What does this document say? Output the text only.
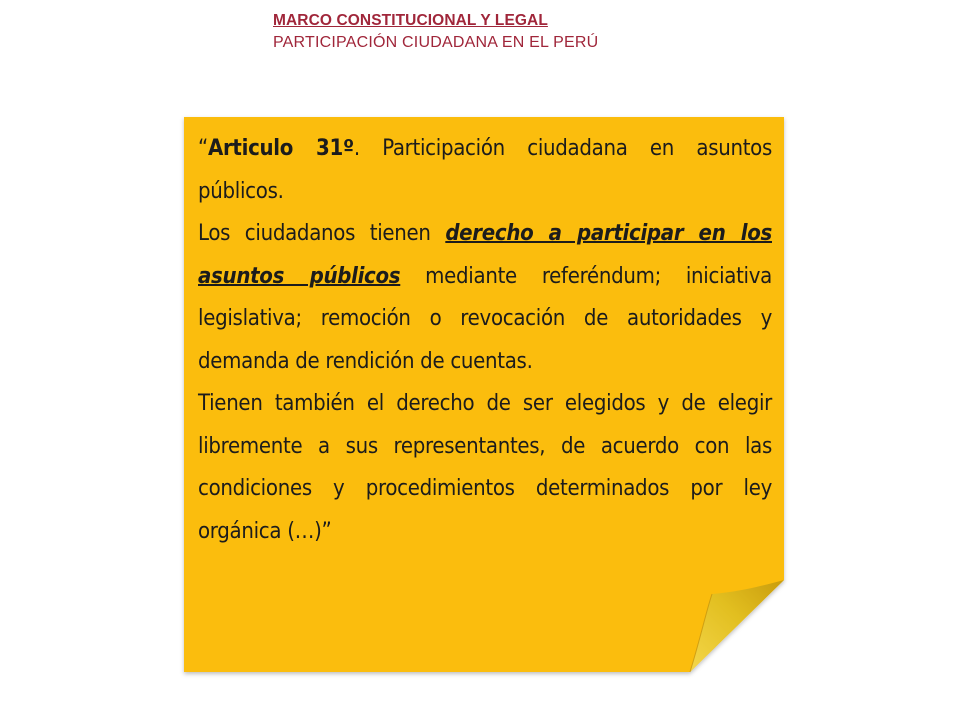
MARCO CONSTITUCIONAL Y LEGAL
PARTICIPACIÓN CIUDADANA EN EL PERÚ

“Articulo 31º. Participación ciudadana en asuntos públicos.

Los ciudadanos tienen derecho a participar en los asuntos públicos mediante referéndum; iniciativa legislativa; remoción o revocación de autoridades y demanda de rendición de cuentas.

Tienen también el derecho de ser elegidos y de elegir libremente a sus representantes, de acuerdo con las condiciones y procedimientos determinados por ley orgánica (…)”
